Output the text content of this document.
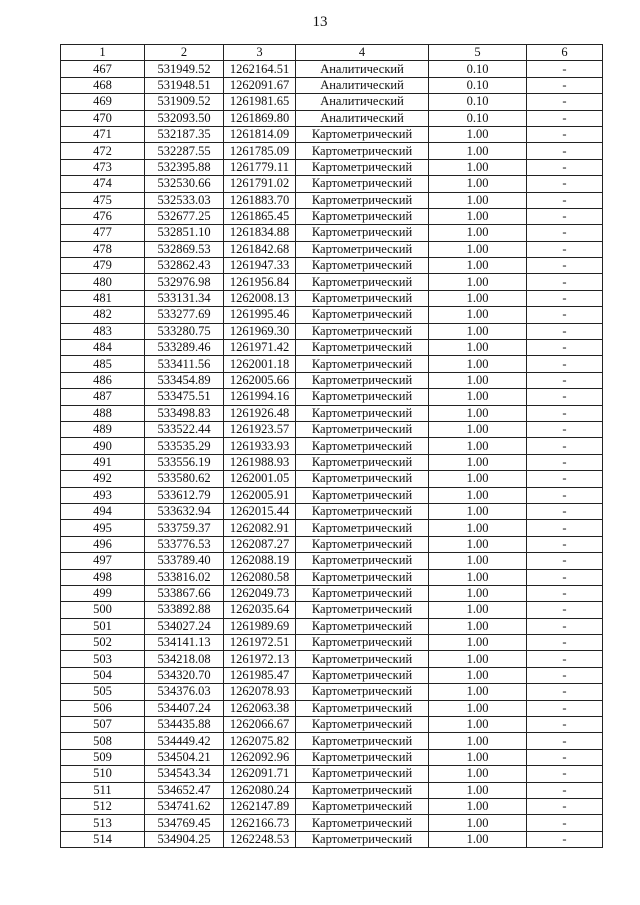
13
1	2	3	4	5	6
467	531949.52	1262164.51	Аналитический	0.10	-
468	531948.51	1262091.67	Аналитический	0.10	-
469	531909.52	1261981.65	Аналитический	0.10	-
470	532093.50	1261869.80	Аналитический	0.10	-
471	532187.35	1261814.09	Картометрический	1.00	-
472	532287.55	1261785.09	Картометрический	1.00	-
473	532395.88	1261779.11	Картометрический	1.00	-
474	532530.66	1261791.02	Картометрический	1.00	-
475	532533.03	1261883.70	Картометрический	1.00	-
476	532677.25	1261865.45	Картометрический	1.00	-
477	532851.10	1261834.88	Картометрический	1.00	-
478	532869.53	1261842.68	Картометрический	1.00	-
479	532862.43	1261947.33	Картометрический	1.00	-
480	532976.98	1261956.84	Картометрический	1.00	-
481	533131.34	1262008.13	Картометрический	1.00	-
482	533277.69	1261995.46	Картометрический	1.00	-
483	533280.75	1261969.30	Картометрический	1.00	-
484	533289.46	1261971.42	Картометрический	1.00	-
485	533411.56	1262001.18	Картометрический	1.00	-
486	533454.89	1262005.66	Картометрический	1.00	-
487	533475.51	1261994.16	Картометрический	1.00	-
488	533498.83	1261926.48	Картометрический	1.00	-
489	533522.44	1261923.57	Картометрический	1.00	-
490	533535.29	1261933.93	Картометрический	1.00	-
491	533556.19	1261988.93	Картометрический	1.00	-
492	533580.62	1262001.05	Картометрический	1.00	-
493	533612.79	1262005.91	Картометрический	1.00	-
494	533632.94	1262015.44	Картометрический	1.00	-
495	533759.37	1262082.91	Картометрический	1.00	-
496	533776.53	1262087.27	Картометрический	1.00	-
497	533789.40	1262088.19	Картометрический	1.00	-
498	533816.02	1262080.58	Картометрический	1.00	-
499	533867.66	1262049.73	Картометрический	1.00	-
500	533892.88	1262035.64	Картометрический	1.00	-
501	534027.24	1261989.69	Картометрический	1.00	-
502	534141.13	1261972.51	Картометрический	1.00	-
503	534218.08	1261972.13	Картометрический	1.00	-
504	534320.70	1261985.47	Картометрический	1.00	-
505	534376.03	1262078.93	Картометрический	1.00	-
506	534407.24	1262063.38	Картометрический	1.00	-
507	534435.88	1262066.67	Картометрический	1.00	-
508	534449.42	1262075.82	Картометрический	1.00	-
509	534504.21	1262092.96	Картометрический	1.00	-
510	534543.34	1262091.71	Картометрический	1.00	-
511	534652.47	1262080.24	Картометрический	1.00	-
512	534741.62	1262147.89	Картометрический	1.00	-
513	534769.45	1262166.73	Картометрический	1.00	-
514	534904.25	1262248.53	Картометрический	1.00	-
